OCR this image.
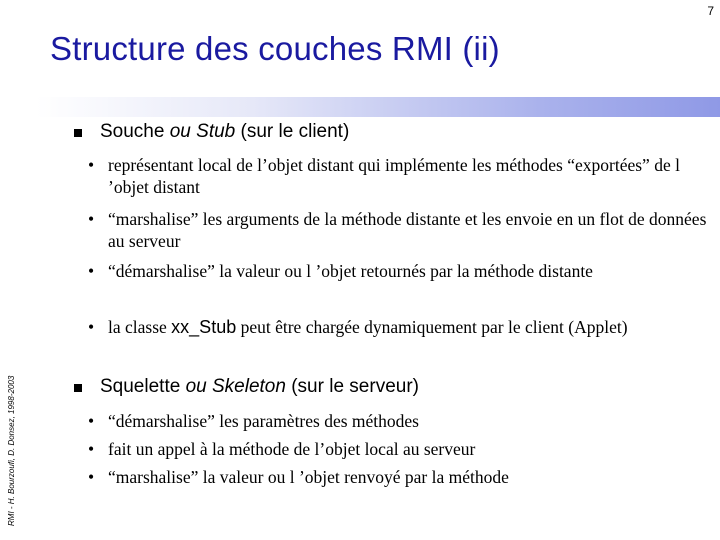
7
Structure des couches RMI (ii)
RMI - H. Bourzoufi, D. Donsez, 1998-2003
Souche ou Stub (sur le client)
• représentant local de l’objet distant qui implémente les méthodes “exportées” de l ’objet distant
• “marshalise” les arguments de la méthode distante et les envoie en un flot de données au serveur
• “démarshalise” la valeur ou l ’objet retournés par la méthode distante
• la classe xx_Stub peut être chargée dynamiquement par le client (Applet)
Squelette ou Skeleton (sur le serveur)
• “démarshalise” les paramètres des méthodes
• fait un appel à la méthode de l’objet local au serveur
• “marshalise” la valeur ou l ’objet renvoyé par la méthode
